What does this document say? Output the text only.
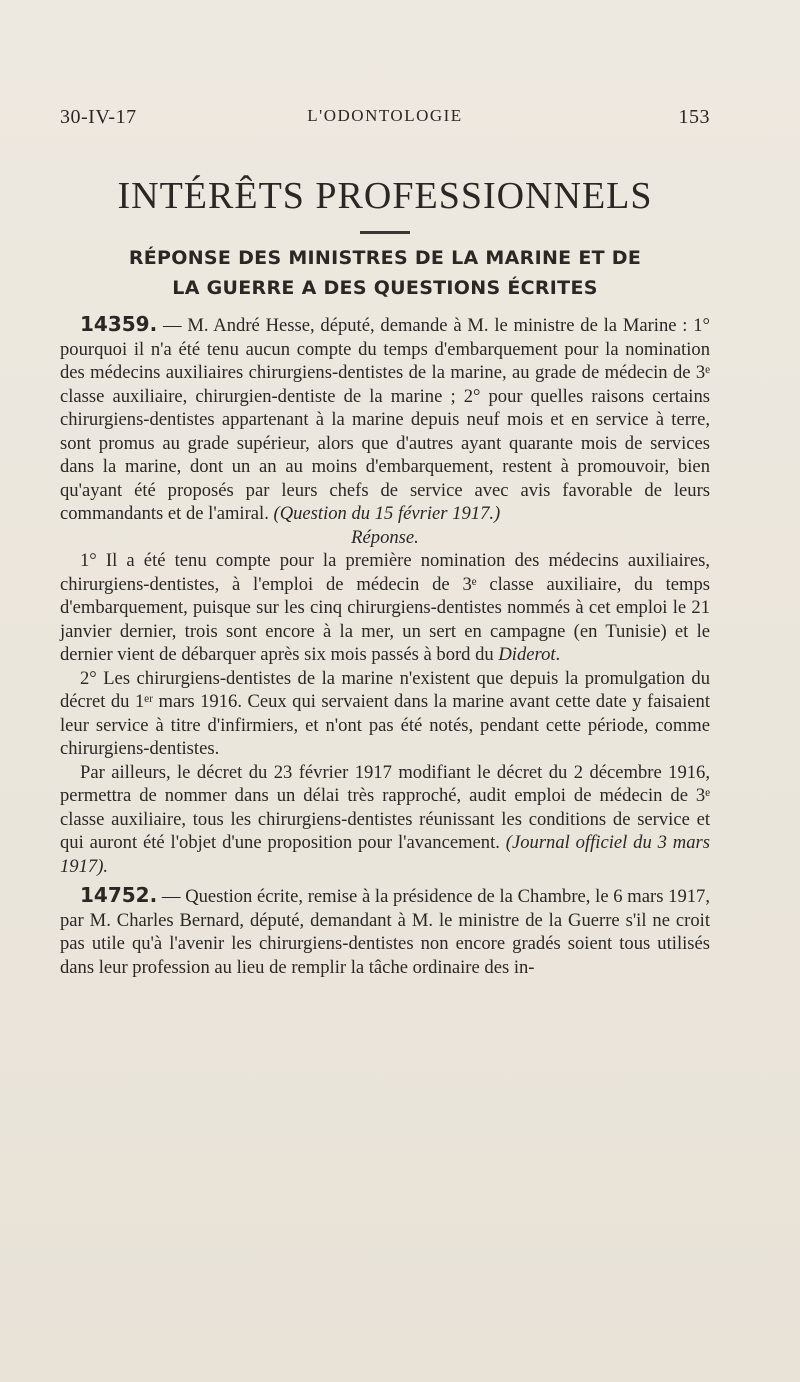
30-IV-17	L'ODONTOLOGIE	153
INTÉRÊTS PROFESSIONNELS
RÉPONSE DES MINISTRES DE LA MARINE ET DE
LA GUERRE A DES QUESTIONS ÉCRITES

14359. — M. André Hesse, député, demande à M. le ministre de la Marine : 1° pourquoi il n'a été tenu aucun compte du temps d'embarquement pour la nomination des médecins auxiliaires chirurgiens-dentistes de la marine, au grade de médecin de 3ᵉ classe auxiliaire, chirurgien-dentiste de la marine ; 2° pour quelles raisons certains chirurgiens-dentistes appartenant à la marine depuis neuf mois et en service à terre, sont promus au grade supérieur, alors que d'autres ayant quarante mois de services dans la marine, dont un an au moins d'embarquement, restent à promouvoir, bien qu'ayant été proposés par leurs chefs de service avec avis favorable de leurs commandants et de l'amiral. (Question du 15 février 1917.)

Réponse.

1° Il a été tenu compte pour la première nomination des médecins auxiliaires, chirurgiens-dentistes, à l'emploi de médecin de 3ᵉ classe auxiliaire, du temps d'embarquement, puisque sur les cinq chirurgiens-dentistes nommés à cet emploi le 21 janvier dernier, trois sont encore à la mer, un sert en campagne (en Tunisie) et le dernier vient de débarquer après six mois passés à bord du Diderot.

2° Les chirurgiens-dentistes de la marine n'existent que depuis la promulgation du décret du 1ᵉʳ mars 1916. Ceux qui servaient dans la marine avant cette date y faisaient leur service à titre d'infirmiers, et n'ont pas été notés, pendant cette période, comme chirurgiens-dentistes.

Par ailleurs, le décret du 23 février 1917 modifiant le décret du 2 décembre 1916, permettra de nommer dans un délai très rapproché, audit emploi de médecin de 3ᵉ classe auxiliaire, tous les chirurgiens-dentistes réunissant les conditions de service et qui auront été l'objet d'une proposition pour l'avancement. (Journal officiel du 3 mars 1917).

14752. — Question écrite, remise à la présidence de la Chambre, le 6 mars 1917, par M. Charles Bernard, député, demandant à M. le ministre de la Guerre s'il ne croit pas utile qu'à l'avenir les chirurgiens-dentistes non encore gradés soient tous utilisés dans leur profession au lieu de remplir la tâche ordinaire des in-
